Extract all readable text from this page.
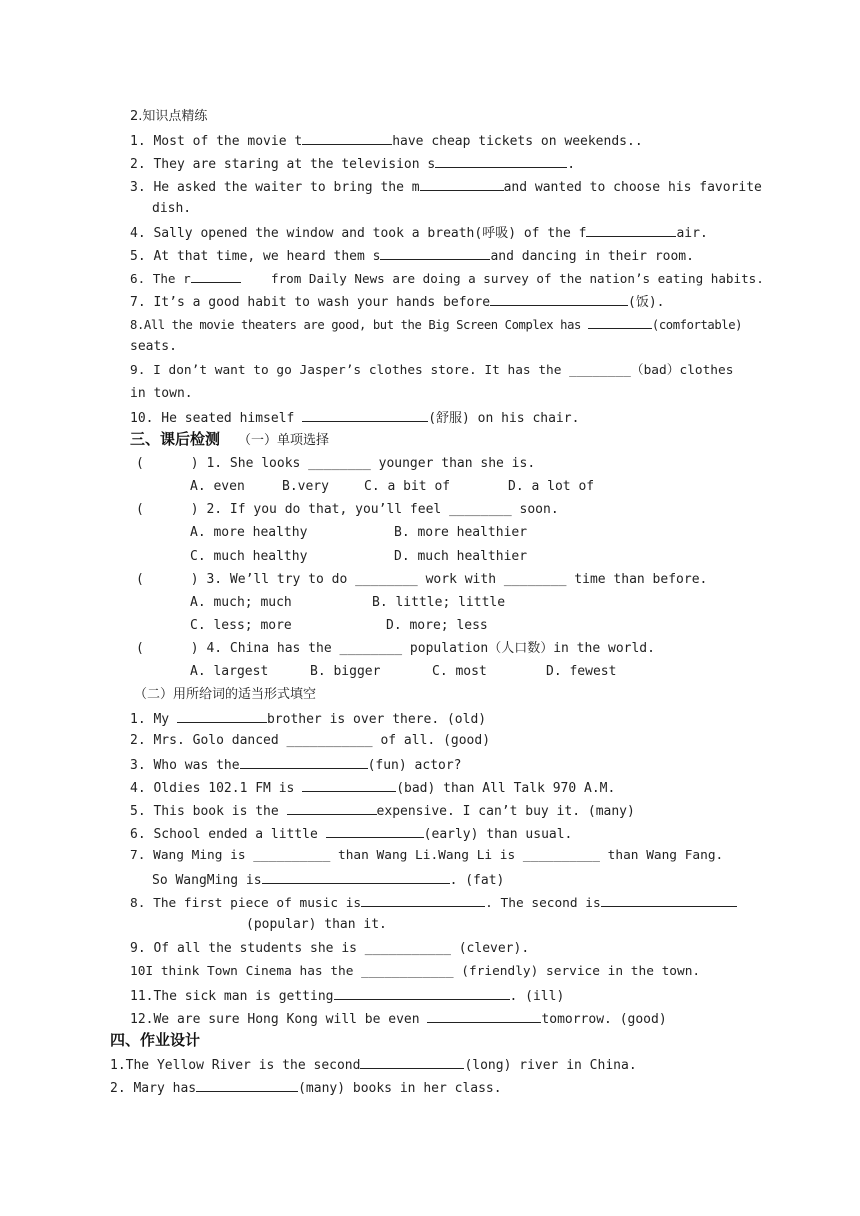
2.知识点精练
1. Most of the movie t	have cheap tickets on weekends..
2. They are staring at the television s	.
3. He asked the waiter to bring the m	and wanted to choose his favorite
dish.
4. Sally opened the window and took a breath(呼吸) of the f	air.
5. At that time, we heard them s	and dancing in their room.
6. The r	from Daily News are doing a survey of the nation’s eating habits.
7. It’s a good habit to wash your hands before	(饭).
8.All the movie theaters are good, but the Big Screen Complex has	(comfortable)
seats.
9. I don’t want to go Jasper’s clothes store. It has the ________（bad）clothes
in town.
10. He seated himself	(舒服) on his chair.
三、课后检测 （一）单项选择
(      ) 1. She looks ________ younger than she is.
A. even	B.very	C. a bit of	D. a lot of
(      ) 2. If you do that, you’ll feel ________ soon.
A. more healthy	B. more healthier
C. much healthy	D. much healthier
(      ) 3. We’ll try to do ________ work with ________ time than before.
A. much; much	B. little; little
C. less; more	D. more; less
(      ) 4. China has the ________ population（人口数）in the world.
A. largest	B. bigger	C. most	D. fewest
（二）用所给词的适当形式填空
1. My	brother is over there. (old)
2. Mrs. Golo danced ___________ of all. (good)
3. Who was the	(fun) actor?
4. Oldies 102.1 FM is	(bad) than All Talk 970 A.M.
5. This book is the	expensive. I can’t buy it. (many)
6. School ended a little	(early) than usual.
7. Wang Ming is __________ than Wang Li.Wang Li is __________ than Wang Fang.
So WangMing is	. (fat)
8. The first piece of music is	. The second is
(popular) than it.
9. Of all the students she is ___________ (clever).
10I think Town Cinema has the ____________ (friendly) service in the town.
11.The sick man is getting	. (ill)
12.We are sure Hong Kong will be even	tomorrow. (good)
四、作业设计
1.The Yellow River is the second	(long) river in China.
2. Mary has	(many) books in her class.
